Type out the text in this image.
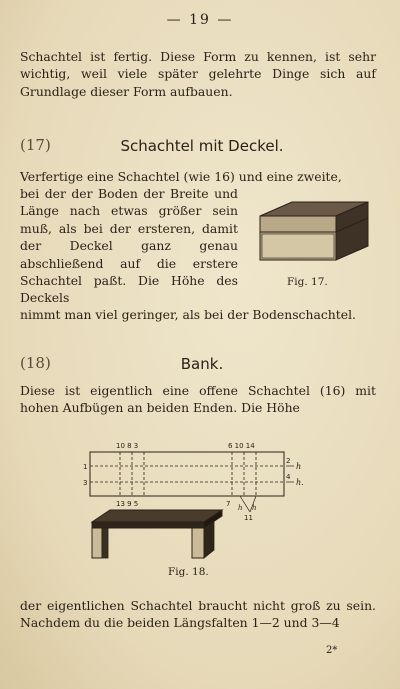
— 19 —
Schachtel ist fertig. Diese Form zu kennen, ist sehr wichtig, weil viele später gelehrte Dinge sich auf Grundlage dieser Form aufbauen.
(17)	Schachtel mit Deckel.
Verfertige eine Schachtel (wie 16) und eine zweite,
bei der der Boden der Breite und Länge nach etwas größer sein muß, als bei der ersteren, damit der Deckel ganz genau abschließend auf die erstere Schachtel paßt. Die Höhe des Deckels
nimmt man viel geringer, als bei der Bodenschachtel.
Fig. 17.
(18)	Bank.
Diese ist eigentlich eine offene Schachtel (16) mit hohen Aufbügen an beiden Enden. Die Höhe
10 8 3	6 10 14
13 9 5	7
1
3
2
4
h
h.
h h
11
Fig. 18.
der eigentlichen Schachtel braucht nicht groß zu sein. Nachdem du die beiden Längsfalten 1—2 und 3—4
2*
